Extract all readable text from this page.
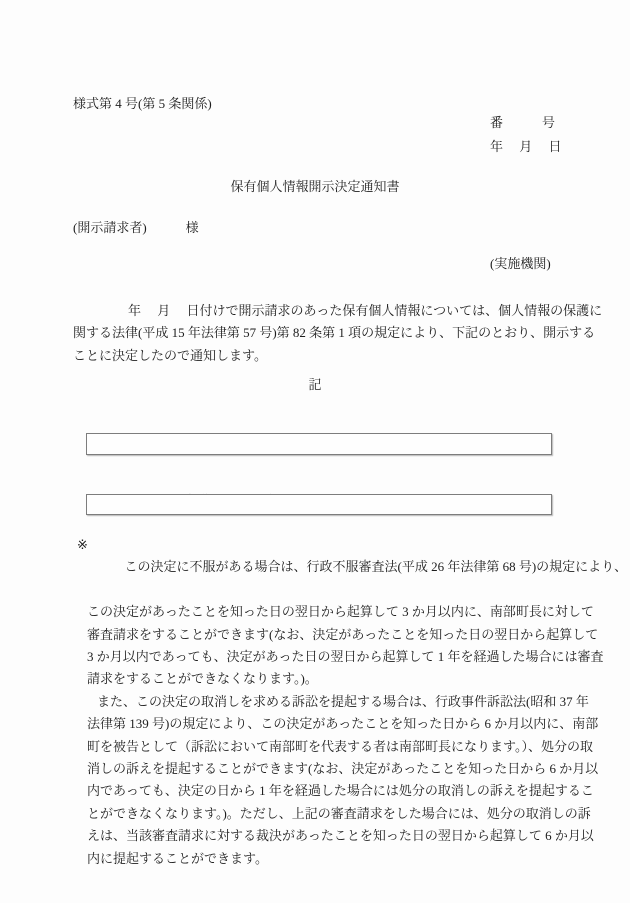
様式第 4 号(第 5 条関係)
番　　　号
年　 月　 日
保有個人情報開示決定通知書
(開示請求者)　　　様
(実施機関)
年　 月　 日付けで開示請求のあった保有個人情報については、個人情報の保護に
関する法律(平成 15 年法律第 57 号)第 82 条第 1 項の規定により、下記のとおり、開示する
ことに決定したので通知します。
記

※
この決定に不服がある場合は、行政不服審査法(平成 26 年法律第 68 号)の規定により、

この決定があったことを知った日の翌日から起算して 3 か月以内に、南部町長に対して
審査請求をすることができます(なお、決定があったことを知った日の翌日から起算して
3 か月以内であっても、決定があった日の翌日から起算して 1 年を経過した場合には審査
請求をすることができなくなります。)。
また、この決定の取消しを求める訴訟を提起する場合は、行政事件訴訟法(昭和 37 年
法律第 139 号)の規定により、この決定があったことを知った日から 6 か月以内に、南部
町を被告として（訴訟において南部町を代表する者は南部町長になります。）、処分の取
消しの訴えを提起することができます(なお、決定があったことを知った日から 6 か月以
内であっても、決定の日から 1 年を経過した場合には処分の取消しの訴えを提起するこ
とができなくなります。)。ただし、上記の審査請求をした場合には、処分の取消しの訴
えは、当該審査請求に対する裁決があったことを知った日の翌日から起算して 6 か月以
内に提起することができます。
